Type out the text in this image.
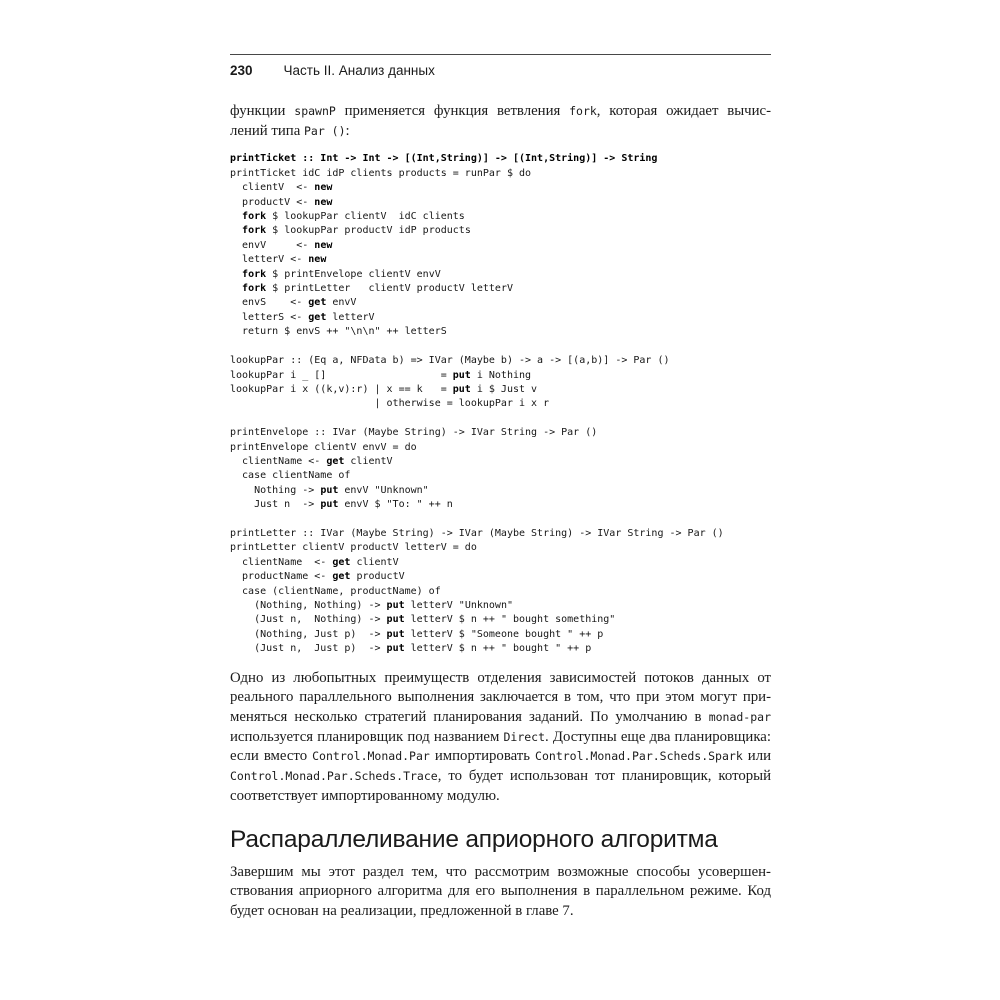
230 Часть II. Анализ данных
функции spawnP применяется функция ветвления fork, которая ожидает вычис-
лений типа Par ():
printTicket :: Int -> Int -> [(Int,String)] -> [(Int,String)] -> String
printTicket idC idP clients products = runPar $ do
clientV  <- new
productV <- new
fork $ lookupPar clientV  idC clients
fork $ lookupPar productV idP products
envV     <- new
letterV <- new
fork $ printEnvelope clientV envV
fork $ printLetter   clientV productV letterV
envS    <- get envV
letterS <- get letterV
return $ envS ++ "\n\n" ++ letterS

lookupPar :: (Eq a, NFData b) => IVar (Maybe b) -> a -> [(a,b)] -> Par ()
lookupPar i _ []                   = put i Nothing
lookupPar i x ((k,v):r) | x == k   = put i $ Just v
| otherwise = lookupPar i x r

printEnvelope :: IVar (Maybe String) -> IVar String -> Par ()
printEnvelope clientV envV = do
clientName <- get clientV
case clientName of
Nothing -> put envV "Unknown"
Just n  -> put envV $ "To: " ++ n

printLetter :: IVar (Maybe String) -> IVar (Maybe String) -> IVar String -> Par ()
printLetter clientV productV letterV = do
clientName  <- get clientV
productName <- get productV
case (clientName, productName) of
(Nothing, Nothing) -> put letterV "Unknown"
(Just n,  Nothing) -> put letterV $ n ++ " bought something"
(Nothing, Just p)  -> put letterV $ "Someone bought " ++ p
(Just n,  Just p)  -> put letterV $ n ++ " bought " ++ p
Одно из любопытных преимуществ отделения зависимостей потоков данных от
реального параллельного выполнения заключается в том, что при этом могут при-
меняться несколько стратегий планирования заданий. По умолчанию в monad-par
используется планировщик под названием Direct. Доступны еще два планировщика:
если вместо Control.Monad.Par импортировать Control.Monad.Par.Scheds.Spark или
Control.Monad.Par.Scheds.Trace, то будет использован тот планировщик, который
соответствует импортированному модулю.
Распараллеливание априорного алгоритма
Завершим мы этот раздел тем, что рассмотрим возможные способы усовершен-
ствования априорного алгоритма для его выполнения в параллельном режиме. Код
будет основан на реализации, предложенной в главе 7.
